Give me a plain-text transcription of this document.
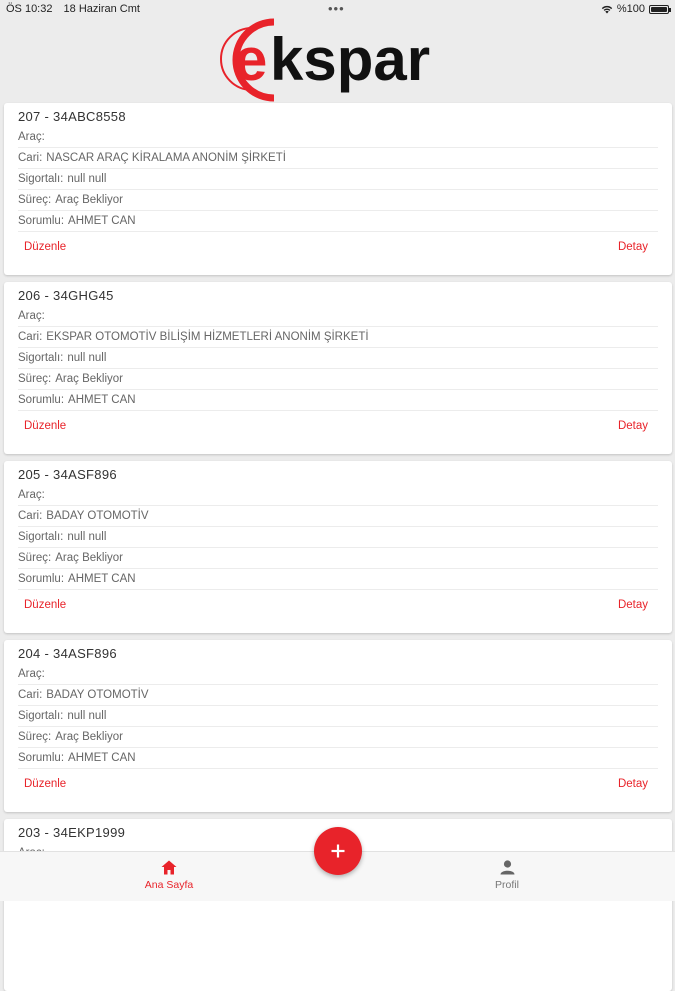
ÖS 10:32 18 Haziran Cmt	•••	%100
e kspar
207 - 34ABC8558
Araç:
Cari: NASCAR ARAÇ KİRALAMA ANONİM ŞİRKETİ
Sigortalı: null null
Süreç: Araç Bekliyor
Sorumlu: AHMET CAN
Düzenle	Detay
206 - 34GHG45
Araç:
Cari: EKSPAR OTOMOTİV BİLİŞİM HİZMETLERİ ANONİM ŞİRKETİ
Sigortalı: null null
Süreç: Araç Bekliyor
Sorumlu: AHMET CAN
Düzenle	Detay
205 - 34ASF896
Araç:
Cari: BADAY OTOMOTİV
Sigortalı: null null
Süreç: Araç Bekliyor
Sorumlu: AHMET CAN
Düzenle	Detay
204 - 34ASF896
Araç:
Cari: BADAY OTOMOTİV
Sigortalı: null null
Süreç: Araç Bekliyor
Sorumlu: AHMET CAN
Düzenle	Detay
203 - 34EKP1999
Ana Sayfa	Profil
